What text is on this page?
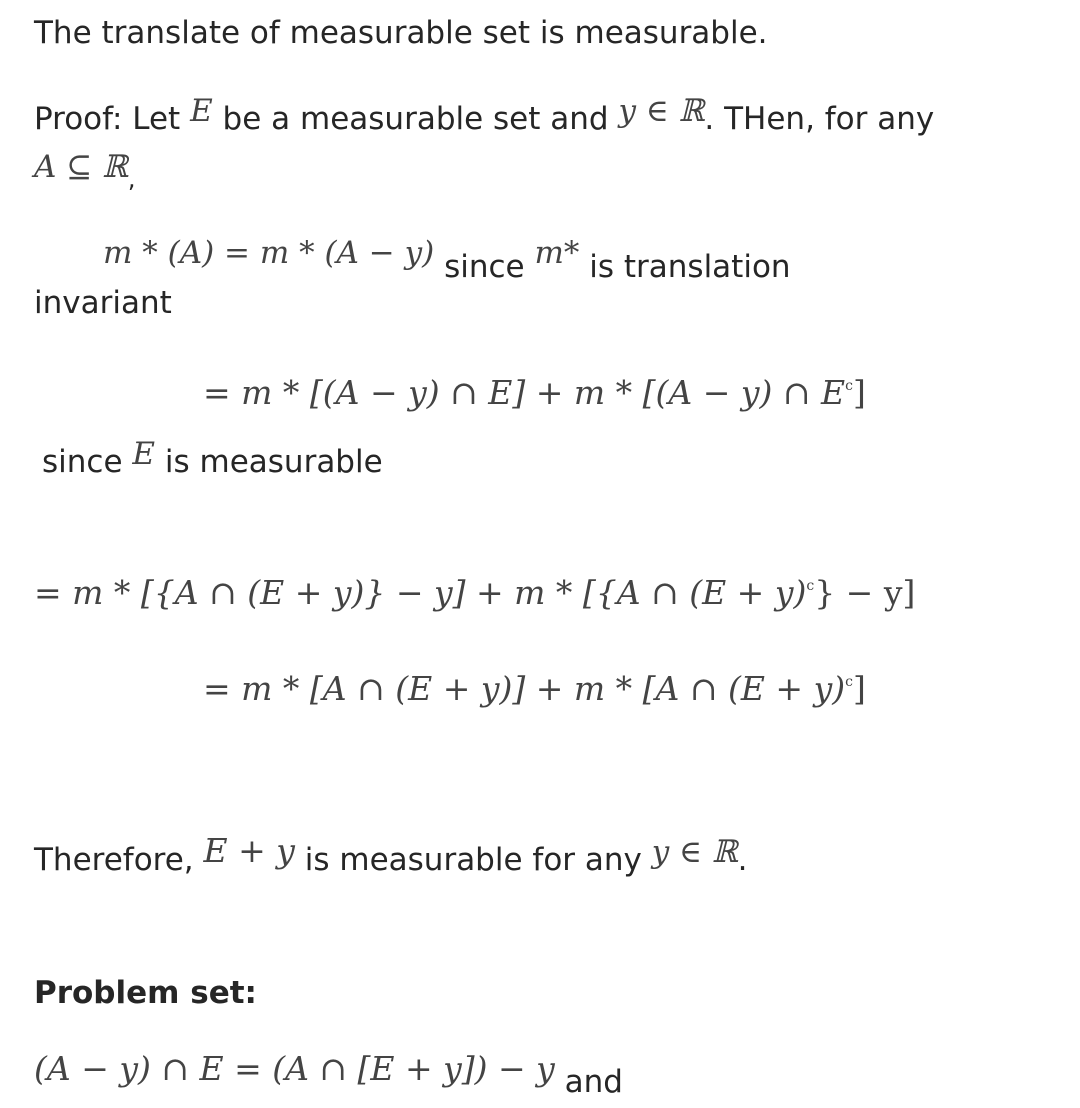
The translate of measurable set is measurable.
Proof: Let E be a measurable set and y ∈ ℝ. THen, for any
A ⊆ ℝ$_,$
m * (A) = m * (A − y) since m* is translation
invariant
= m * [(A − y) ∩ E] + m * [(A − y) ∩ $E^c$]
since E is measurable
= m * [{A ∩ (E + y)} − y] + m * [{A ∩ $(E + y)^c\} - y$]
= m * [A ∩ (E + y)] + m * [A ∩ $(E + y)^c$]
Therefore, E + y is measurable for any y ∈ ℝ.
Problem set:
(A − y) ∩ E = (A ∩ [E + y]) − y and
